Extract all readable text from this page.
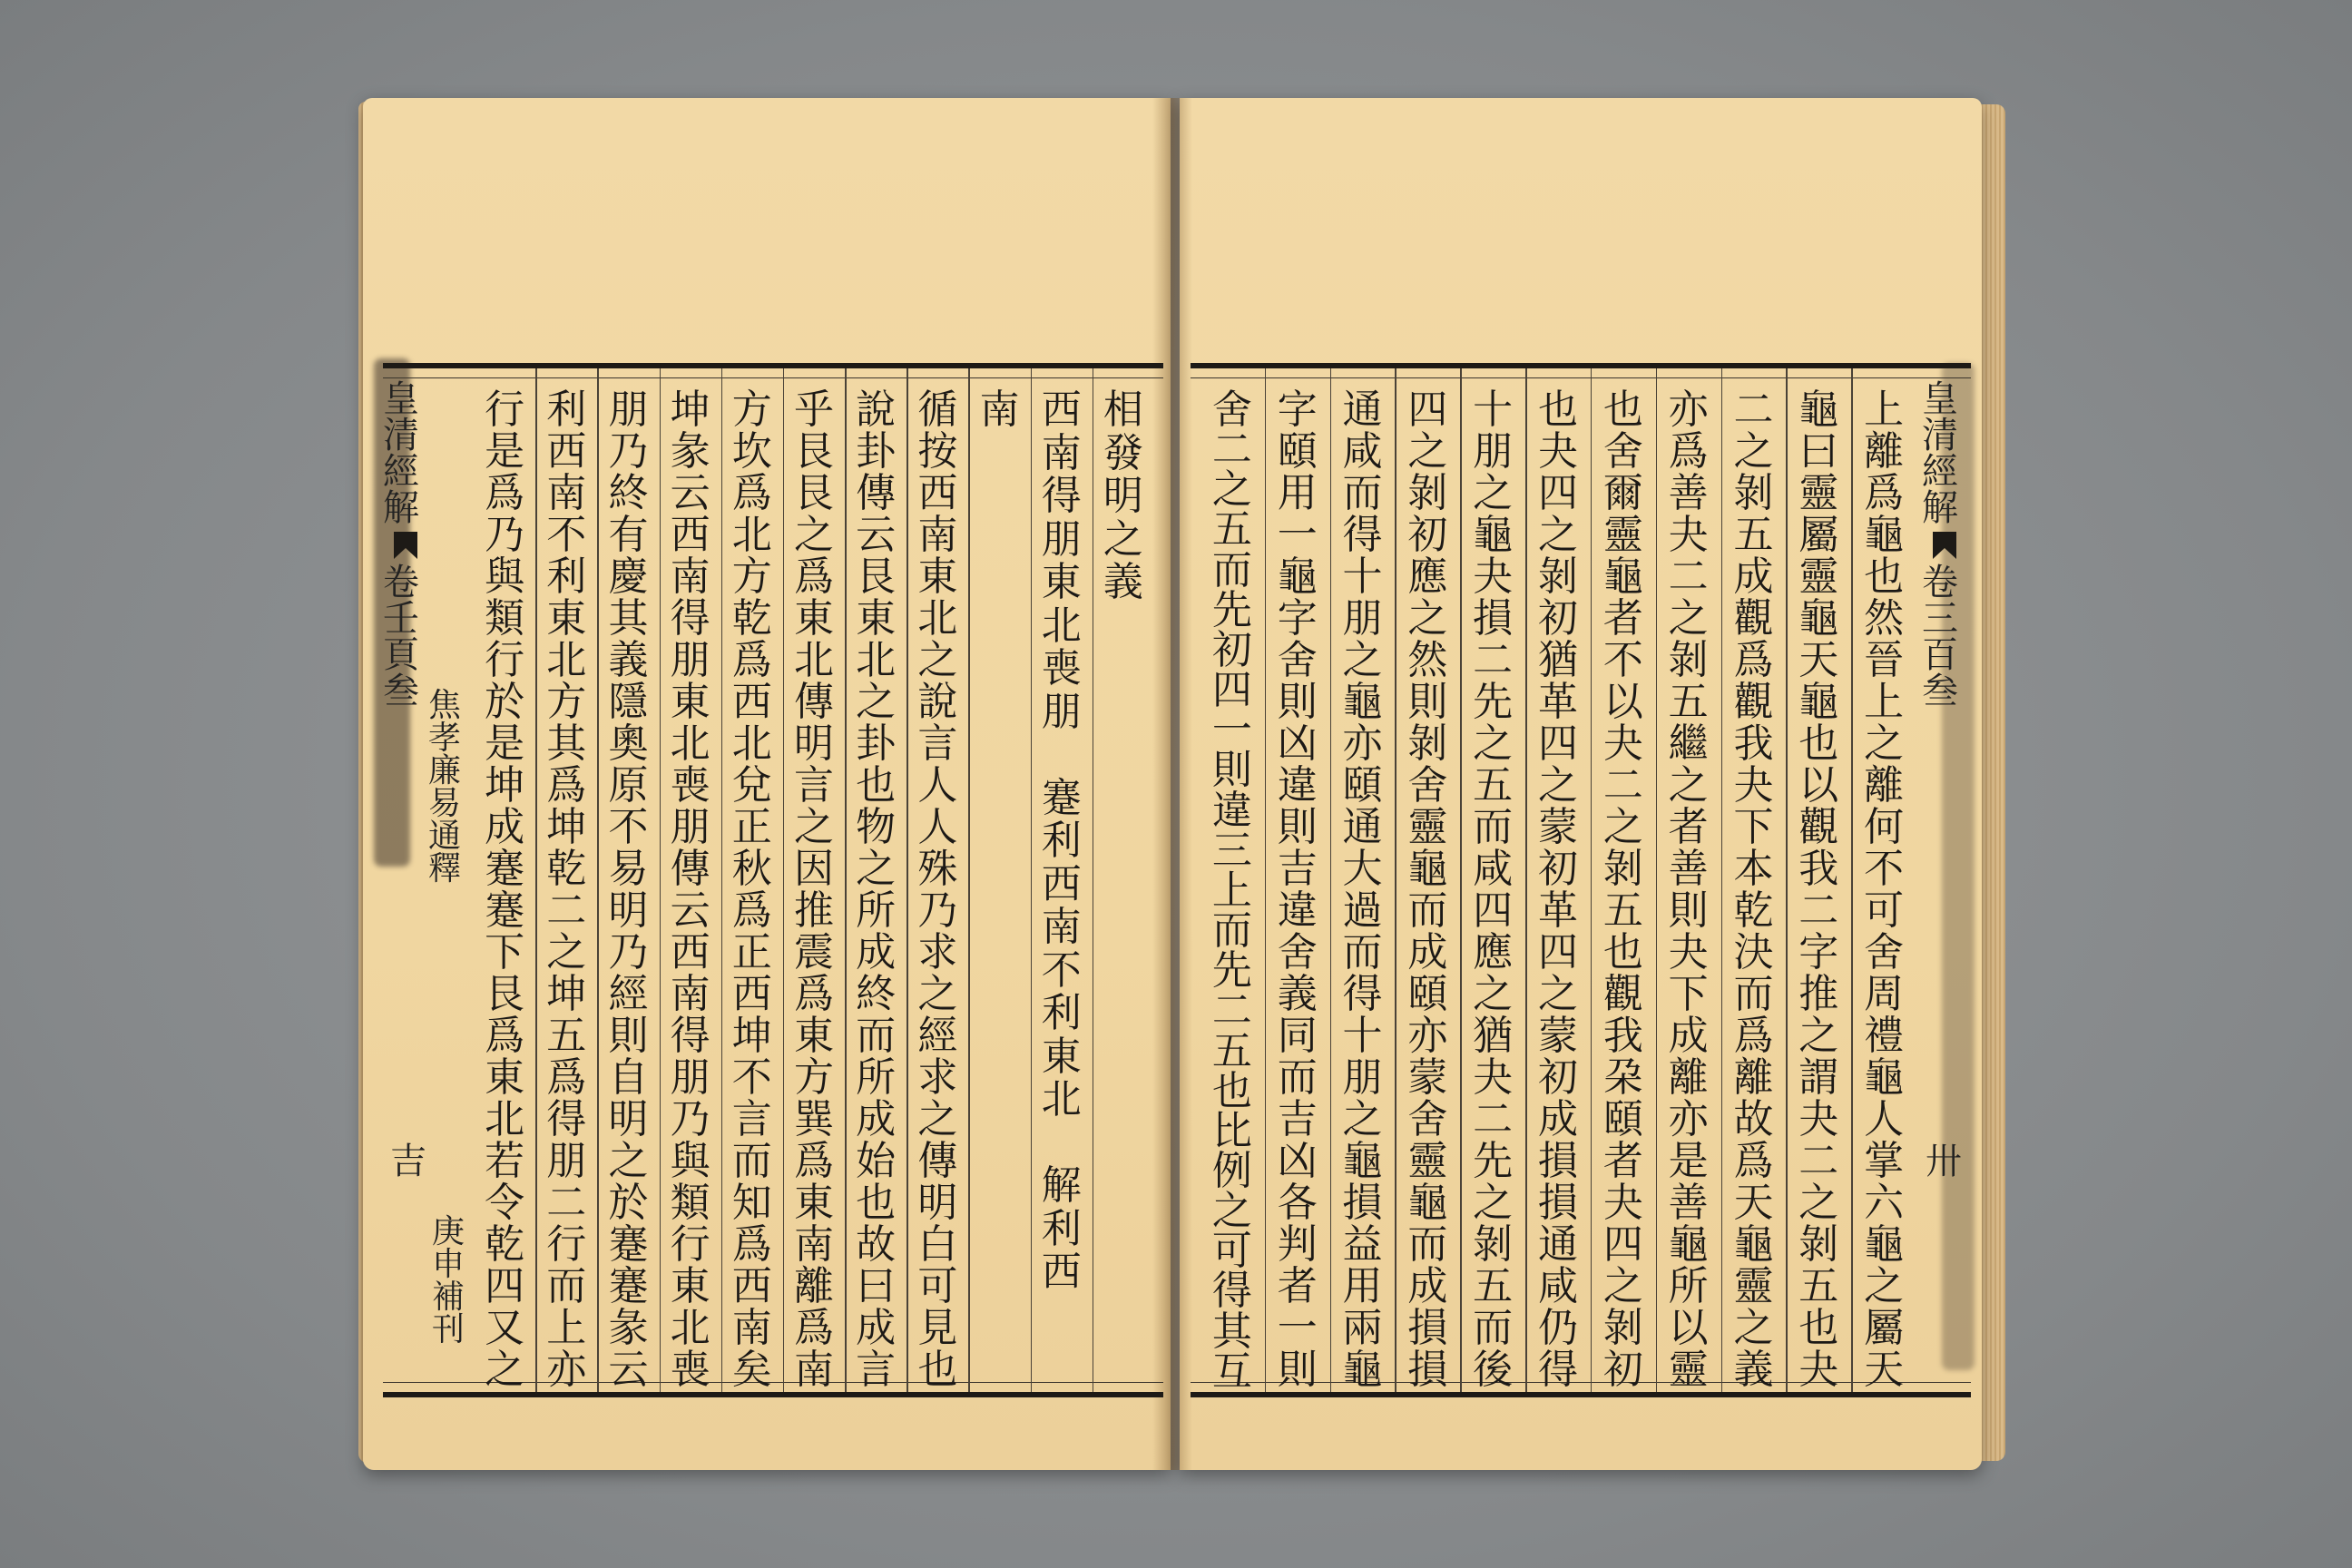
相
發
明
之
義
西
南
得
朋
東
北
喪
朋

蹇
利
西
南
不
利
東
北

解
利
西
南
循
按
西
南
東
北
之
說
言
人
人
殊
乃
求
之
經
求
之
傳
明
白
可
見
也
說
卦
傳
云
艮
東
北
之
卦
也
物
之
所
成
終
而
所
成
始
也
故
曰
成
言
乎
艮
艮
之
爲
東
北
傳
明
言
之
因
推
震
爲
東
方
巽
爲
東
南
離
爲
南
方
坎
爲
北
方
乾
爲
西
北
兌
正
秋
爲
正
西
坤
不
言
而
知
爲
西
南
矣
坤
彖
云
西
南
得
朋
東
北
喪
朋
傳
云
西
南
得
朋
乃
與
類
行
東
北
喪
朋
乃
終
有
慶
其
義
隱
奧
原
不
易
明
乃
經
則
自
明
之
於
蹇
蹇
彖
云
利
西
南
不
利
東
北
方
其
爲
坤
乾
二
之
坤
五
爲
得
朋
二
行
而
上
亦
行
是
爲
乃
與
類
行
於
是
坤
成
蹇
蹇
下
艮
爲
東
北
若
令
乾
四
又
之
上
離
爲
龜
也
然
晉
上
之
離
何
不
可
舍
周
禮
龜
人
掌
六
龜
之
屬
天
龜
曰
靈
屬
靈
龜
天
龜
也
以
觀
我
二
字
推
之
謂
夬
二
之
剝
五
也
夬
二
之
剝
五
成
觀
爲
觀
我
夬
下
本
乾
決
而
爲
離
故
爲
天
龜
靈
之
義
亦
爲
善
夬
二
之
剝
五
繼
之
者
善
則
夬
下
成
離
亦
是
善
龜
所
以
靈
也
舍
爾
靈
龜
者
不
以
夬
二
之
剝
五
也
觀
我
朶
頤
者
夬
四
之
剝
初
也
夬
四
之
剝
初
猶
革
四
之
蒙
初
革
四
之
蒙
初
成
損
損
通
咸
仍
得
十
朋
之
龜
夬
損
二
先
之
五
而
咸
四
應
之
猶
夬
二
先
之
剝
五
而
後
四
之
剝
初
應
之
然
則
剝
舍
靈
龜
而
成
頤
亦
蒙
舍
靈
龜
而
成
損
損
通
咸
而
得
十
朋
之
龜
亦
頤
通
大
過
而
得
十
朋
之
龜
損
益
用
兩
龜
字
頤
用
一
龜
字
舍
則
凶
違
則
吉
違
舍
義
同
而
吉
凶
各
判
者
一
則
舍
二
之
五
而
先
初
四
一
則
違
三
上
而
先
二
五
也
比
例
之
可
得
其
互
皇清經解
卷壬頁叁 焦孝廉易通釋
吉
庚申補刊
皇清經解
卷三百叁
卅
